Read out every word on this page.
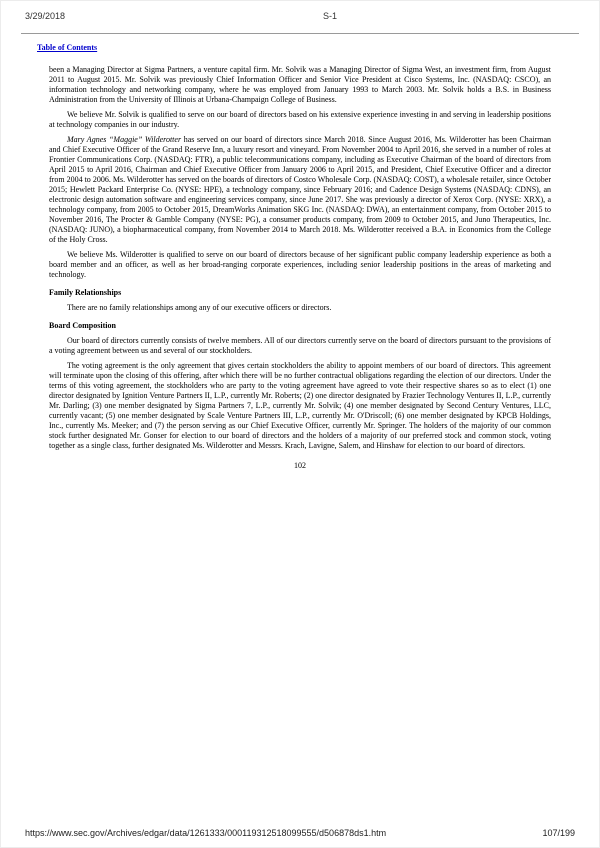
3/29/2018	S-1
Table of Contents

been a Managing Director at Sigma Partners, a venture capital firm. Mr. Solvik was a Managing Director of Sigma West, an investment firm, from August 2011 to August 2015. Mr. Solvik was previously Chief Information Officer and Senior Vice President at Cisco Systems, Inc. (NASDAQ: CSCO), an information technology and networking company, where he was employed from January 1993 to March 2003. Mr. Solvik holds a B.S. in Business Administration from the University of Illinois at Urbana-Champaign College of Business.

We believe Mr. Solvik is qualified to serve on our board of directors based on his extensive experience investing in and serving in leadership positions at technology companies in our industry.

Mary Agnes “Maggie” Wilderotter has served on our board of directors since March 2018. Since August 2016, Ms. Wilderotter has been Chairman and Chief Executive Officer of the Grand Reserve Inn, a luxury resort and vineyard. From November 2004 to April 2016, she served in a number of roles at Frontier Communications Corp. (NASDAQ: FTR), a public telecommunications company, including as Executive Chairman of the board of directors from April 2015 to April 2016, Chairman and Chief Executive Officer from January 2006 to April 2015, and President, Chief Executive Officer and a director from 2004 to 2006. Ms. Wilderotter has served on the boards of directors of Costco Wholesale Corp. (NASDAQ: COST), a wholesale retailer, since October 2015; Hewlett Packard Enterprise Co. (NYSE: HPE), a technology company, since February 2016; and Cadence Design Systems (NASDAQ: CDNS), an electronic design automation software and engineering services company, since June 2017. She was previously a director of Xerox Corp. (NYSE: XRX), a technology company, from 2005 to October 2015, DreamWorks Animation SKG Inc. (NASDAQ: DWA), an entertainment company, from October 2015 to November 2016, The Procter & Gamble Company (NYSE: PG), a consumer products company, from 2009 to October 2015, and Juno Therapeutics, Inc. (NASDAQ: JUNO), a biopharmaceutical company, from November 2014 to March 2018. Ms. Wilderotter received a B.A. in Economics from the College of the Holy Cross.

We believe Ms. Wilderotter is qualified to serve on our board of directors because of her significant public company leadership experience as both a board member and an officer, as well as her broad-ranging corporate experiences, including senior leadership positions in the areas of marketing and technology.

Family Relationships

There are no family relationships among any of our executive officers or directors.

Board Composition

Our board of directors currently consists of twelve members. All of our directors currently serve on the board of directors pursuant to the provisions of a voting agreement between us and several of our stockholders.

The voting agreement is the only agreement that gives certain stockholders the ability to appoint members of our board of directors. This agreement will terminate upon the closing of this offering, after which there will be no further contractual obligations regarding the election of our directors. Under the terms of this voting agreement, the stockholders who are party to the voting agreement have agreed to vote their respective shares so as to elect (1) one director designated by Ignition Venture Partners II, L.P., currently Mr. Roberts; (2) one director designated by Frazier Technology Ventures II, L.P., currently Mr. Darling; (3) one member designated by Sigma Partners 7, L.P., currently Mr. Solvik; (4) one member designated by Second Century Ventures, LLC, currently vacant; (5) one member designated by Scale Venture Partners III, L.P., currently Mr. O'Driscoll; (6) one member designated by KPCB Holdings, Inc., currently Ms. Meeker; and (7) the person serving as our Chief Executive Officer, currently Mr. Springer. The holders of the majority of our common stock further designated Mr. Gonser for election to our board of directors and the holders of a majority of our preferred stock and common stock, voting together as a single class, further designated Ms. Wilderotter and Messrs. Krach, Lavigne, Salem, and Hinshaw for election to our board of directors.

102
https://www.sec.gov/Archives/edgar/data/1261333/000119312518099555/d506878ds1.htm	107/199
